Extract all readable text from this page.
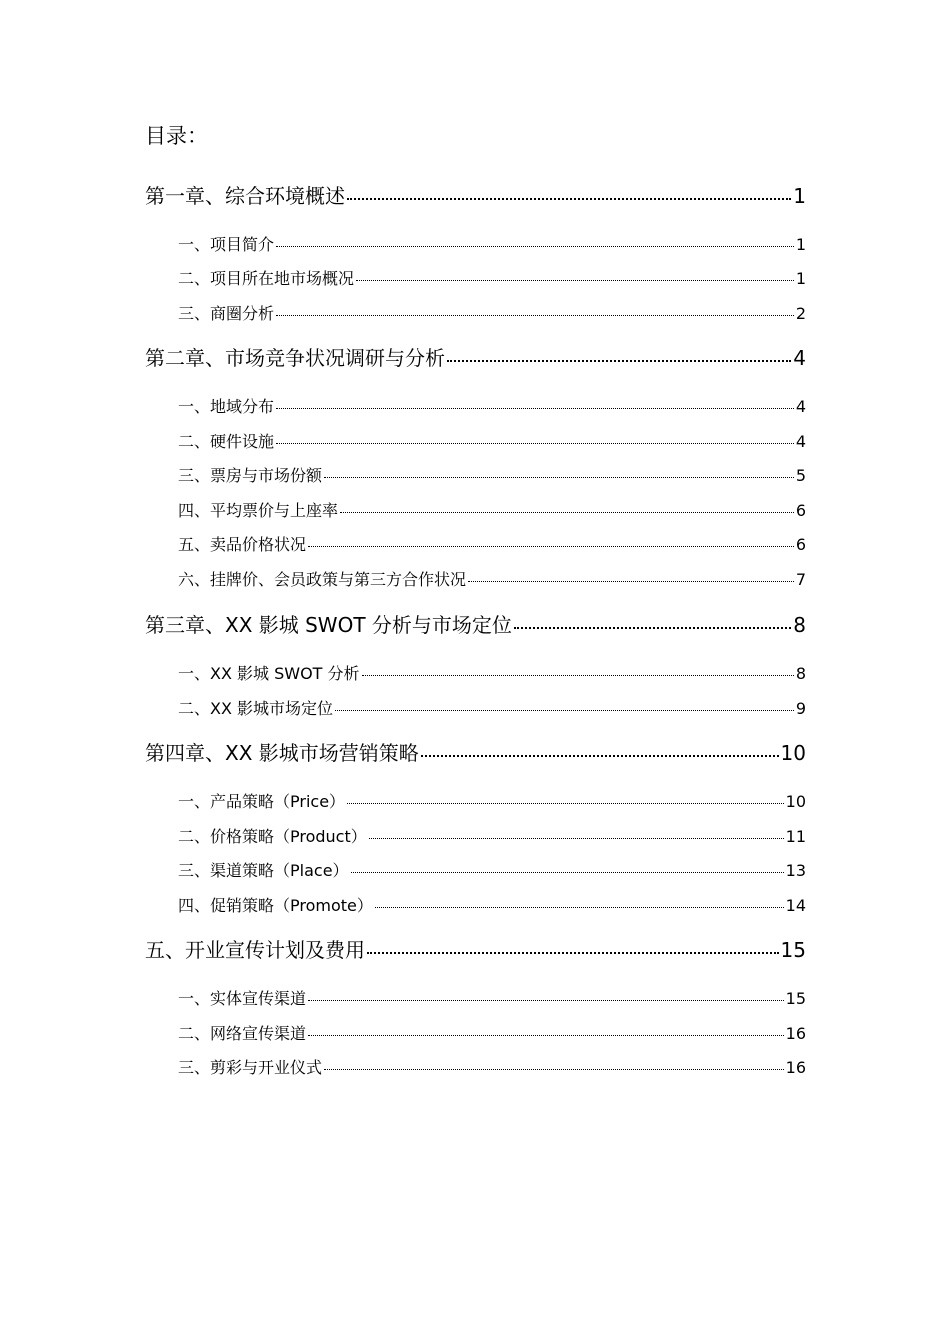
目录：
第一章、综合环境概述	1
一、项目简介	1
二、项目所在地市场概况	1
三、商圈分析	2
第二章、市场竞争状况调研与分析	4
一、地域分布	4
二、硬件设施	4
三、票房与市场份额	5
四、平均票价与上座率	6
五、卖品价格状况	6
六、挂牌价、会员政策与第三方合作状况	7
第三章、XX 影城 SWOT 分析与市场定位	8
一、XX 影城 SWOT 分析	8
二、XX 影城市场定位	9
第四章、XX 影城市场营销策略	10
一、产品策略（Price）	10
二、价格策略（Product）	11
三、渠道策略（Place）	13
四、促销策略（Promote）	14
五、开业宣传计划及费用	15
一、实体宣传渠道	15
二、网络宣传渠道	16
三、剪彩与开业仪式	16
